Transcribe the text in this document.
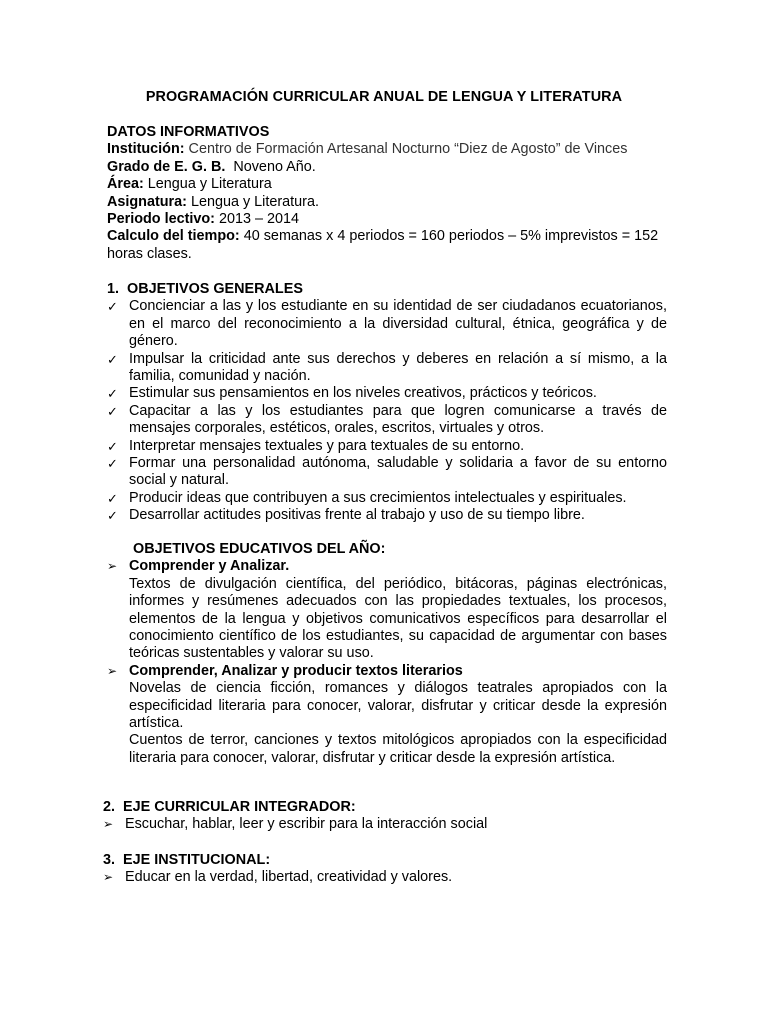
PROGRAMACIÓN CURRICULAR ANUAL DE LENGUA Y LITERATURA
DATOS INFORMATIVOS
Institución: Centro de Formación Artesanal Nocturno “Diez de Agosto” de Vinces
Grado de E. G. B. Noveno Año.
Área: Lengua y Literatura
Asignatura: Lengua y Literatura.
Periodo lectivo: 2013 – 2014
Calculo del tiempo: 40 semanas x 4 periodos = 160 periodos – 5% imprevistos = 152 horas clases.
1. OBJETIVOS GENERALES
✓ Concienciar a las y los estudiante en su identidad de ser ciudadanos ecuatorianos, en el marco del reconocimiento a la diversidad cultural, étnica, geográfica y de género.
✓ Impulsar la criticidad ante sus derechos y deberes en relación a sí mismo, a la familia, comunidad y nación.
✓ Estimular sus pensamientos en los niveles creativos, prácticos y teóricos.
✓ Capacitar a las y los estudiantes para que logren comunicarse a través de mensajes corporales, estéticos, orales, escritos, virtuales y otros.
✓ Interpretar mensajes textuales y para textuales de su entorno.
✓ Formar una personalidad autónoma, saludable y solidaria a favor de su entorno social y natural.
✓ Producir ideas que contribuyen a sus crecimientos intelectuales y espirituales.
✓ Desarrollar actitudes positivas frente al trabajo y uso de su tiempo libre.
OBJETIVOS EDUCATIVOS DEL AÑO:
➢ Comprender y Analizar.

Textos de divulgación científica, del periódico, bitácoras, páginas electrónicas, informes y resúmenes adecuados con las propiedades textuales, los procesos, elementos de la lengua y objetivos comunicativos específicos para desarrollar el conocimiento científico de los estudiantes, su capacidad de argumentar con bases teóricas sustentables y valorar su uso.

➢ Comprender, Analizar y producir textos literarios

Novelas de ciencia ficción, romances y diálogos teatrales apropiados con la especificidad literaria para conocer, valorar, disfrutar y criticar desde la expresión artística.

Cuentos de terror, canciones y textos mitológicos apropiados con la especificidad literaria para conocer, valorar, disfrutar y criticar desde la expresión artística.

2. EJE CURRICULAR INTEGRADOR:
➢ Escuchar, hablar, leer y escribir para la interacción social
3. EJE INSTITUCIONAL:
➢ Educar en la verdad, libertad, creatividad y valores.
